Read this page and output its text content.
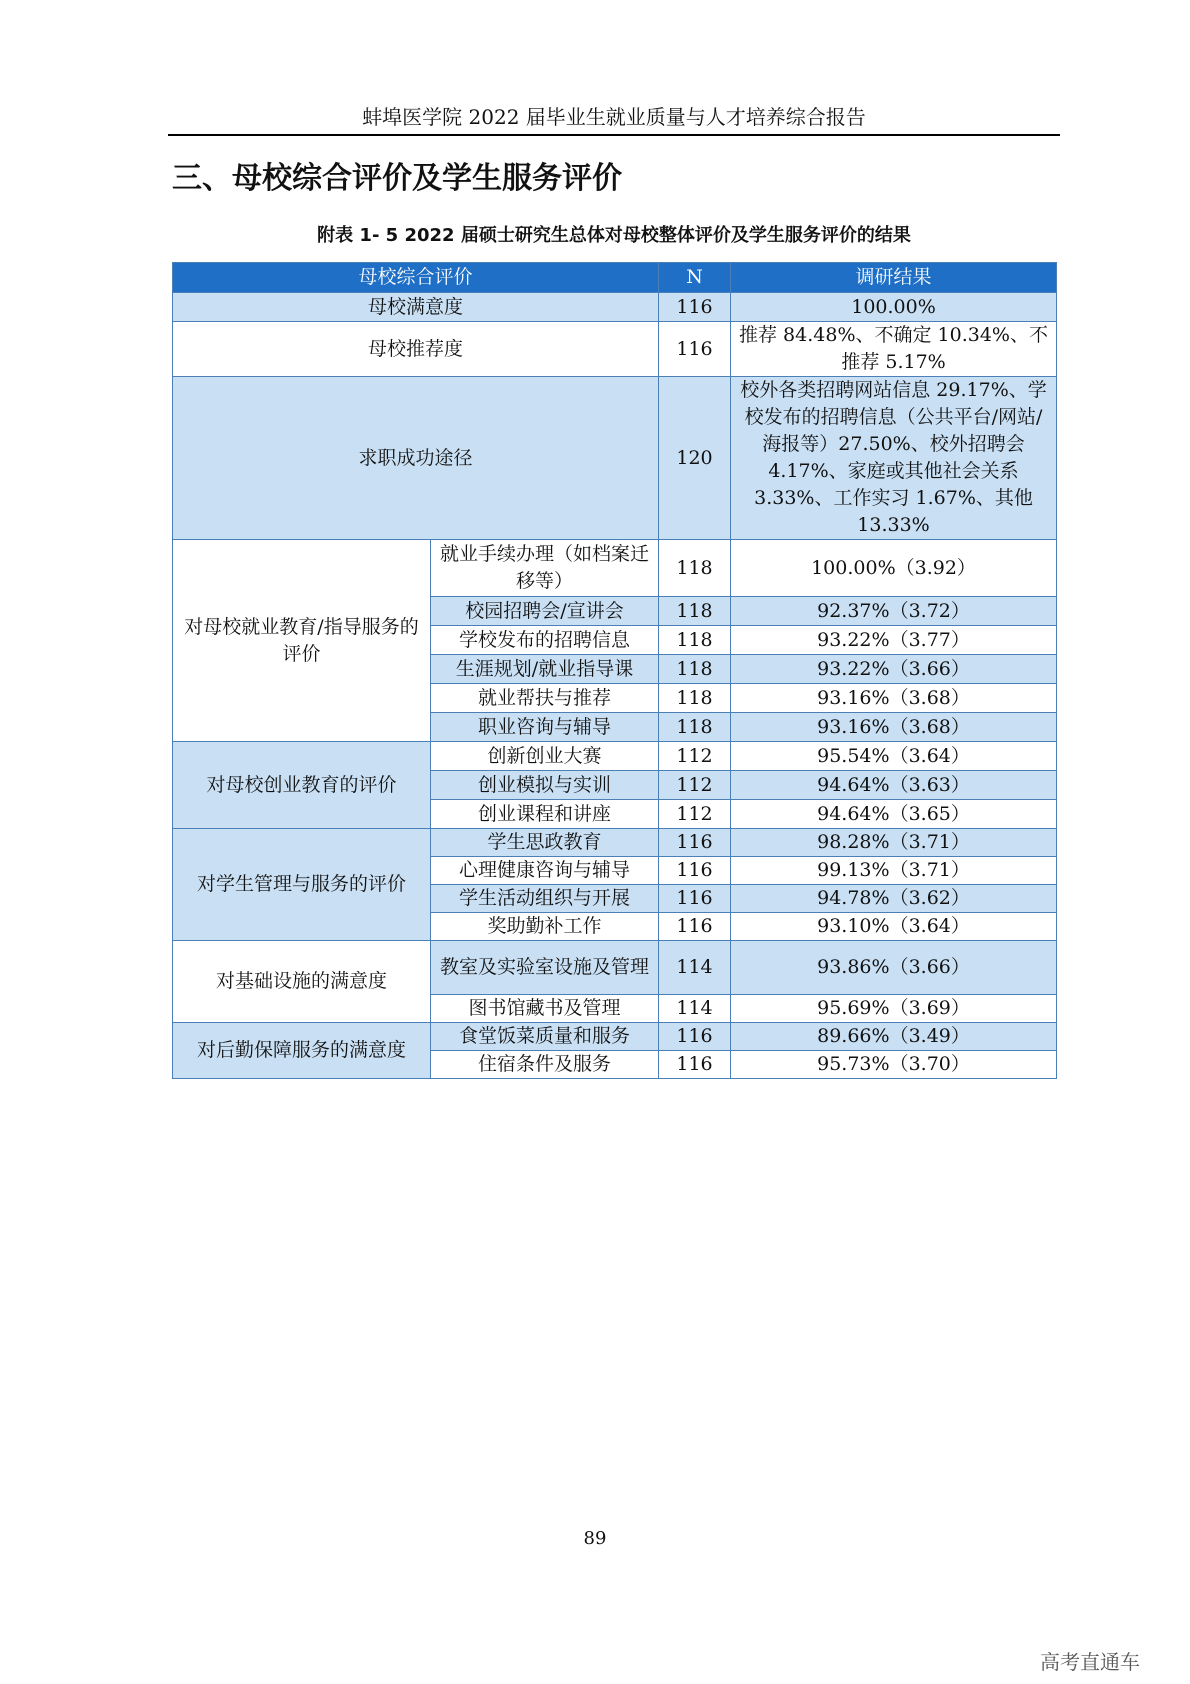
蚌埠医学院 2022 届毕业生就业质量与人才培养综合报告
三、母校综合评价及学生服务评价
附表 1- 5 2022 届硕士研究生总体对母校整体评价及学生服务评价的结果
母校综合评价		N	调研结果
母校满意度		116	100.00%
母校推荐度		116	推荐 84.48%、不确定 10.34%、不推荐 5.17%
求职成功途径		120	校外各类招聘网站信息 29.17%、学校发布的招聘信息（公共平台/网站/海报等）27.50%、校外招聘会 4.17%、家庭或其他社会关系 3.33%、工作实习 1.67%、其他 13.33%
对母校就业教育/指导服务的评价	就业手续办理（如档案迁移等）	118	100.00%（3.92）
	校园招聘会/宣讲会	118	92.37%（3.72）
	学校发布的招聘信息	118	93.22%（3.77）
	生涯规划/就业指导课	118	93.22%（3.66）
	就业帮扶与推荐	118	93.16%（3.68）
	职业咨询与辅导	118	93.16%（3.68）
对母校创业教育的评价	创新创业大赛	112	95.54%（3.64）
	创业模拟与实训	112	94.64%（3.63）
	创业课程和讲座	112	94.64%（3.65）
对学生管理与服务的评价	学生思政教育	116	98.28%（3.71）
	心理健康咨询与辅导	116	99.13%（3.71）
	学生活动组织与开展	116	94.78%（3.62）
	奖助勤补工作	116	93.10%（3.64）
对基础设施的满意度	教室及实验室设施及管理	114	93.86%（3.66）
	图书馆藏书及管理	114	95.69%（3.69）
对后勤保障服务的满意度	食堂饭菜质量和服务	116	89.66%（3.49）
	住宿条件及服务	116	95.73%（3.70）
89
高考直通车
